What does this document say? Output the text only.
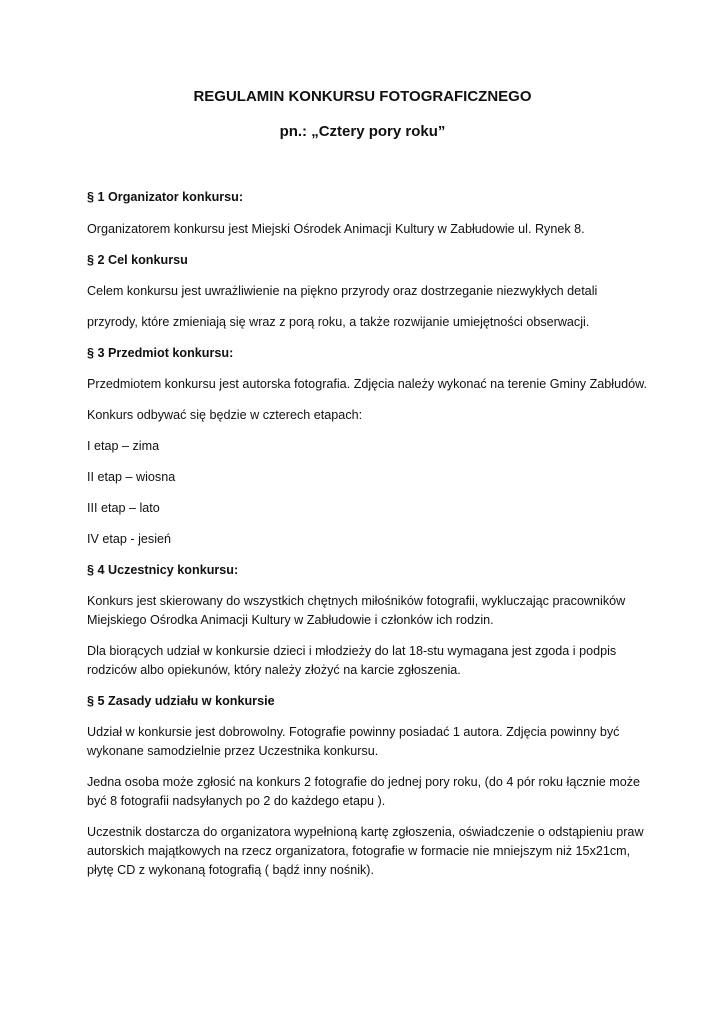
REGULAMIN KONKURSU FOTOGRAFICZNEGO
pn.: „Cztery pory roku”

§ 1 Organizator konkursu:

Organizatorem konkursu jest Miejski Ośrodek Animacji Kultury w Zabłudowie ul. Rynek 8.

§ 2 Cel konkursu

Celem konkursu jest uwrażliwienie na piękno przyrody oraz dostrzeganie niezwykłych detali

przyrody, które zmieniają się wraz z porą roku, a także rozwijanie umiejętności obserwacji.

§ 3 Przedmiot konkursu:

Przedmiotem konkursu jest autorska fotografia. Zdjęcia należy wykonać na terenie Gminy Zabłudów.

Konkurs odbywać się będzie w czterech etapach:

I etap – zima

II etap – wiosna

III etap – lato

IV etap - jesień

§ 4 Uczestnicy konkursu:

Konkurs jest skierowany do wszystkich chętnych miłośników fotografii, wykluczając pracowników

Miejskiego Ośrodka Animacji Kultury w Zabłudowie i członków ich rodzin.

Dla biorących udział w konkursie dzieci i młodzieży do lat 18-stu wymagana jest zgoda i podpis

rodziców albo opiekunów, który należy złożyć na karcie zgłoszenia.

§ 5 Zasady udziału w konkursie

Udział w konkursie jest dobrowolny. Fotografie powinny posiadać 1 autora. Zdjęcia powinny być

wykonane samodzielnie przez Uczestnika konkursu.

Jedna osoba może zgłosić na konkurs 2 fotografie do jednej pory roku, (do 4 pór roku łącznie może

być 8 fotografii nadsyłanych po 2 do każdego etapu ).

Uczestnik dostarcza do organizatora wypełnioną kartę zgłoszenia, oświadczenie o odstąpieniu praw

autorskich majątkowych na rzecz organizatora, fotografie w formacie nie mniejszym niż 15x21cm,

płytę CD z wykonaną fotografią ( bądź inny nośnik).
